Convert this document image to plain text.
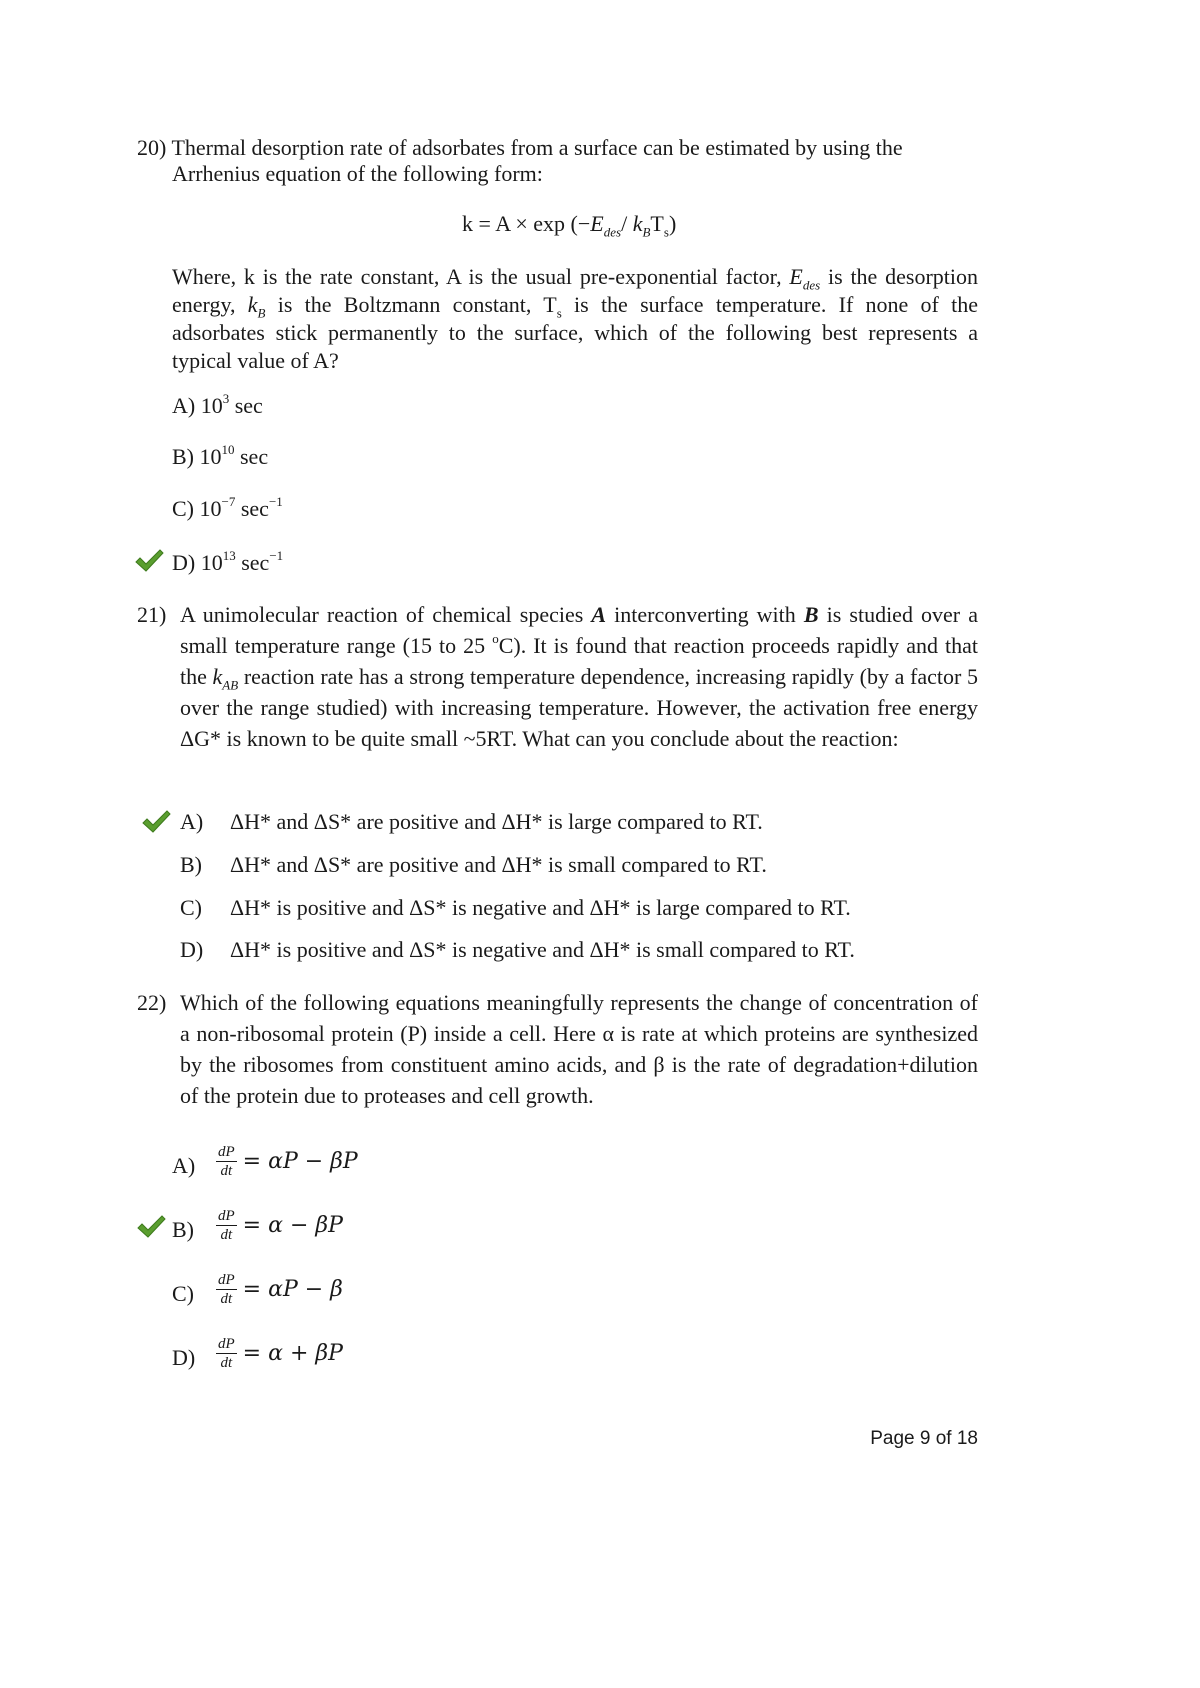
20) Thermal desorption rate of adsorbates from a surface can be estimated by using the
Arrhenius equation of the following form:
$k = A \times \exp (-E_{des}/$ $k_BT_s$)
Where, k is the rate constant, A is the usual pre-exponential factor, $E_{des}$ is the desorption energy, $k_B$ is the Boltzmann constant, $T_s$ is the surface temperature. If none of the adsorbates stick permanently to the surface, which of the following best represents a typical value of A?
A) $10^3$ sec
B) $10^{10}$ sec
C) $10^{-7}$ $\sec^{-1}$
D) $10^{13}$ $\sec^{-1}$
21) A unimolecular reaction of chemical species A interconverting with B is studied over a small temperature range (15 to 25 $^o$C). It is found that reaction proceeds rapidly and that the $k_{AB}$ reaction rate has a strong temperature dependence, increasing rapidly (by a factor 5 over the range studied) with increasing temperature. However, the activation free energy ΔG* is known to be quite small ~5RT. What can you conclude about the reaction:
A) ΔH* and ΔS* are positive and ΔH* is large compared to RT.
B) ΔH* and ΔS* are positive and ΔH* is small compared to RT.
C) ΔH* is positive and ΔS* is negative and ΔH* is large compared to RT.
D) ΔH* is positive and ΔS* is negative and ΔH* is small compared to RT.
22) Which of the following equations meaningfully represents the change of concentration of a non-ribosomal protein (P) inside a cell. Here α is rate at which proteins are synthesized by the ribosomes from constituent amino acids, and β is the rate of degradation+dilution of the protein due to proteases and cell growth.
$A) \frac{dP}{dt} = \alpha P - \beta P$
$B) \frac{dP}{dt} = \alpha - \beta P$
$C) \frac{dP}{dt} = \alpha P - \beta$
$D) \frac{dP}{dt} = \alpha + \beta P$
Page 9 of 18
